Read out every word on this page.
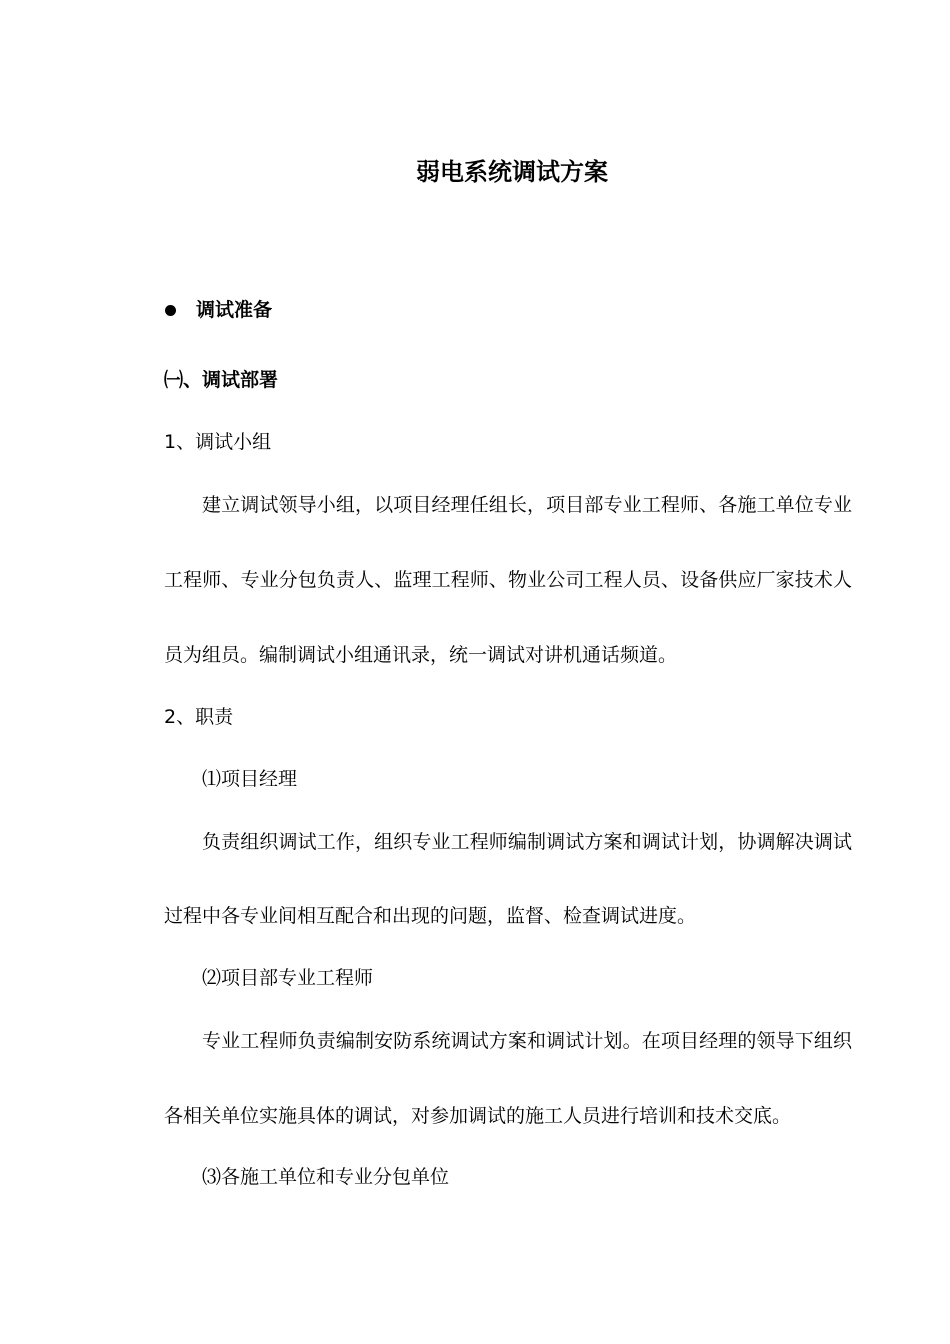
弱电系统调试方案
调试准备
㈠、调试部署
1、调试小组
建立调试领导小组，以项目经理任组长，项目部专业工程师、各施工单位专业
工程师、专业分包负责人、监理工程师、物业公司工程人员、设备供应厂家技术人
员为组员。编制调试小组通讯录，统一调试对讲机通话频道。
2、职责
⑴项目经理
负责组织调试工作，组织专业工程师编制调试方案和调试计划，协调解决调试
过程中各专业间相互配合和出现的问题，监督、检查调试进度。
⑵项目部专业工程师
专业工程师负责编制安防系统调试方案和调试计划。在项目经理的领导下组织
各相关单位实施具体的调试，对参加调试的施工人员进行培训和技术交底。
⑶各施工单位和专业分包单位
